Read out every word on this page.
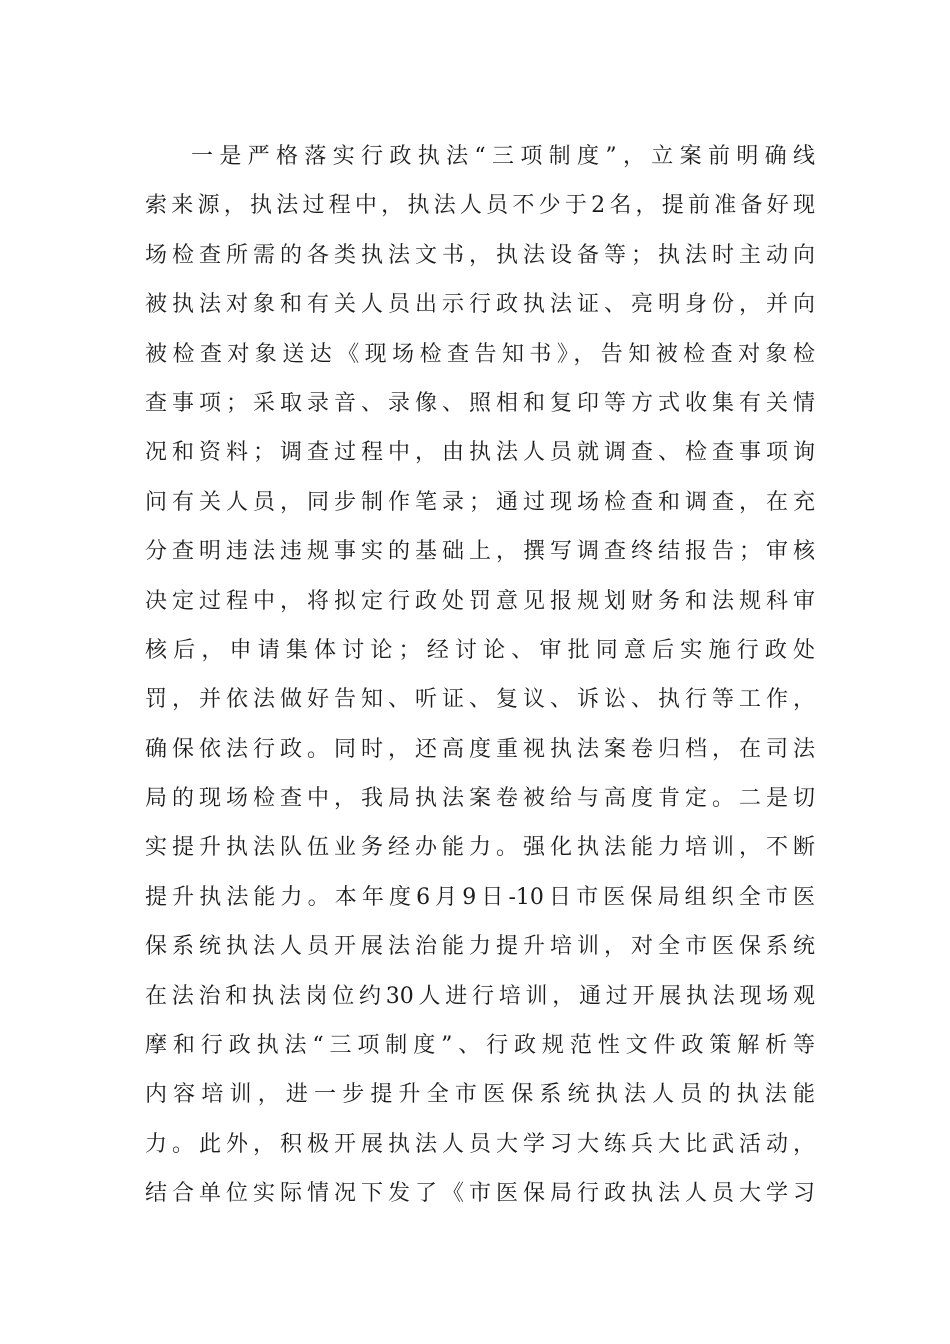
一是严格落实行政执法“三项制度”，立案前明确线
索来源，执法过程中，执法人员不少于2名，提前准备好现
场检查所需的各类执法文书，执法设备等；执法时主动向
被执法对象和有关人员出示行政执法证、亮明身份，并向
被检查对象送达《现场检查告知书》，告知被检查对象检
查事项；采取录音、录像、照相和复印等方式收集有关情
况和资料；调查过程中，由执法人员就调查、检查事项询
问有关人员，同步制作笔录；通过现场检查和调查，在充
分查明违法违规事实的基础上，撰写调查终结报告；审核
决定过程中，将拟定行政处罚意见报规划财务和法规科审
核后，申请集体讨论；经讨论、审批同意后实施行政处
罚，并依法做好告知、听证、复议、诉讼、执行等工作，
确保依法行政。同时，还高度重视执法案卷归档，在司法
局的现场检查中，我局执法案卷被给与高度肯定。二是切
实提升执法队伍业务经办能力。强化执法能力培训，不断
提升执法能力。本年度6月9日-10日市医保局组织全市医
保系统执法人员开展法治能力提升培训，对全市医保系统
在法治和执法岗位约30人进行培训，通过开展执法现场观
摩和行政执法“三项制度”、行政规范性文件政策解析等
内容培训，进一步提升全市医保系统执法人员的执法能
力。此外，积极开展执法人员大学习大练兵大比武活动，
结合单位实际情况下发了《市医保局行政执法人员大学习
